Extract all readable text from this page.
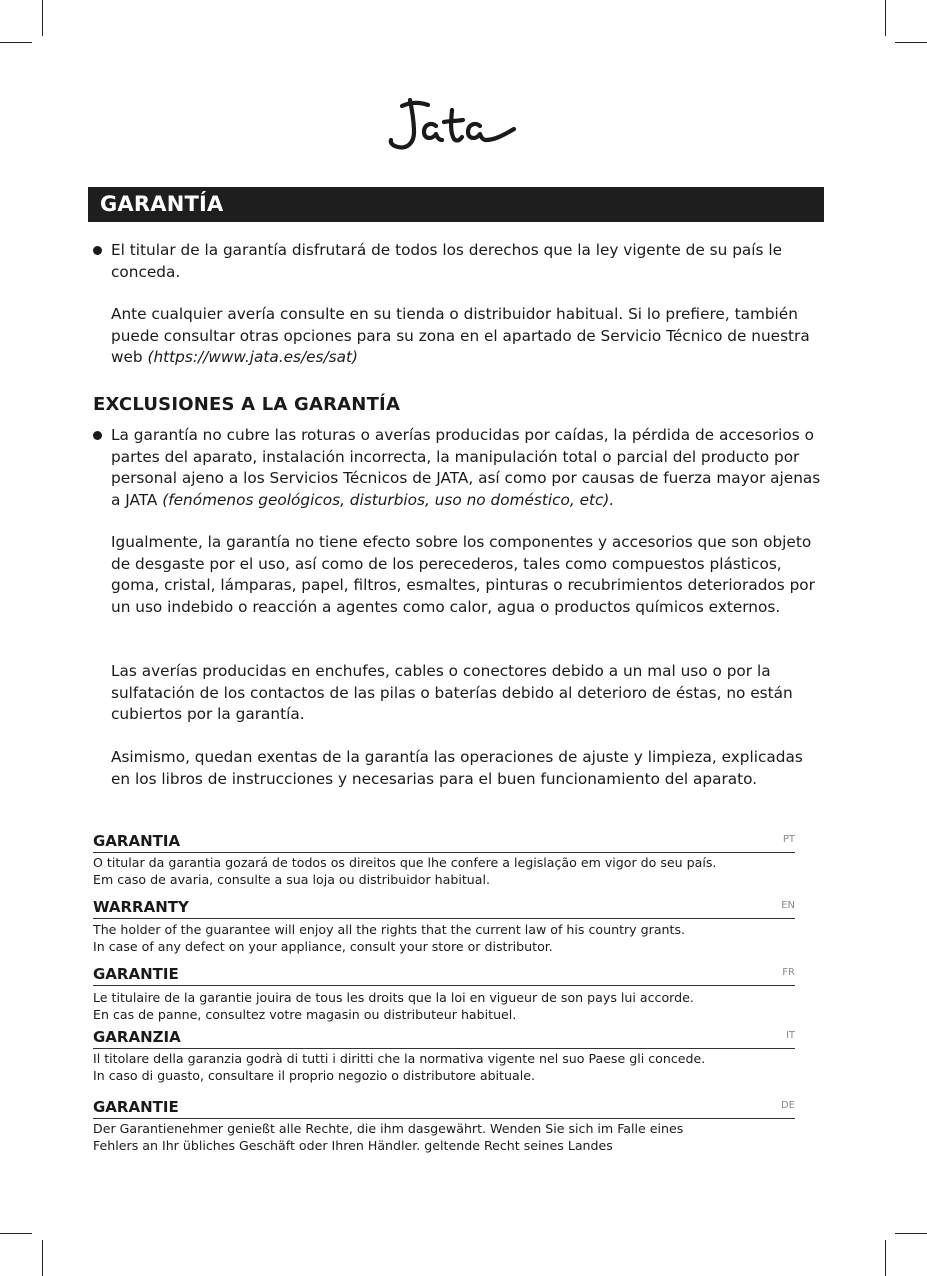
GARANTÍA

El titular de la garantía disfrutará de todos los derechos que la ley vigente de su país le conceda.

Ante cualquier avería consulte en su tienda o distribuidor habitual. Si lo prefiere, también puede consultar otras opciones para su zona en el apartado de Servicio Técnico de nuestra web (https://www.jata.es/es/sat)

EXCLUSIONES A LA GARANTÍA

La garantía no cubre las roturas o averías producidas por caídas, la pérdida de accesorios o partes del aparato, instalación incorrecta, la manipulación total o parcial del producto por personal ajeno a los Servicios Técnicos de JATA, así como por causas de fuerza mayor ajenas a JATA (fenómenos geológicos, disturbios, uso no doméstico, etc).

Igualmente, la garantía no tiene efecto sobre los componentes y accesorios que son objeto de desgaste por el uso, así como de los perecederos, tales como compuestos plásticos, goma, cristal, lámparas, papel, filtros, esmaltes, pinturas o recubrimientos deteriorados por un uso indebido o reacción a agentes como calor, agua o productos químicos externos.

Las averías producidas en enchufes, cables o conectores debido a un mal uso o por la sulfatación de los contactos de las pilas o baterías debido al deterioro de éstas, no están cubiertos por la garantía.

Asimismo, quedan exentas de la garantía las operaciones de ajuste y limpieza, explicadas en los libros de instrucciones y necesarias para el buen funcionamiento del aparato.

GARANTIA	PT

O titular da garantia gozará de todos os direitos que lhe confere a legislação em vigor do seu país.
Em caso de avaria, consulte a sua loja ou distribuidor habitual.

WARRANTY	EN

The holder of the guarantee will enjoy all the rights that the current law of his country grants.
In case of any defect on your appliance, consult your store or distributor.

GARANTIE	FR

Le titulaire de la garantie jouira de tous les droits que la loi en vigueur de son pays lui accorde.
En cas de panne, consultez votre magasin ou distributeur habituel.

GARANZIA	IT

Il titolare della garanzia godrà di tutti i diritti che la normativa vigente nel suo Paese gli concede.
In caso di guasto, consultare il proprio negozio o distributore abituale.

GARANTIE	DE

Der Garantienehmer genießt alle Rechte, die ihm dasgewährt. Wenden Sie sich im Falle eines
Fehlers an Ihr übliches Geschäft oder Ihren Händler. geltende Recht seines Landes
